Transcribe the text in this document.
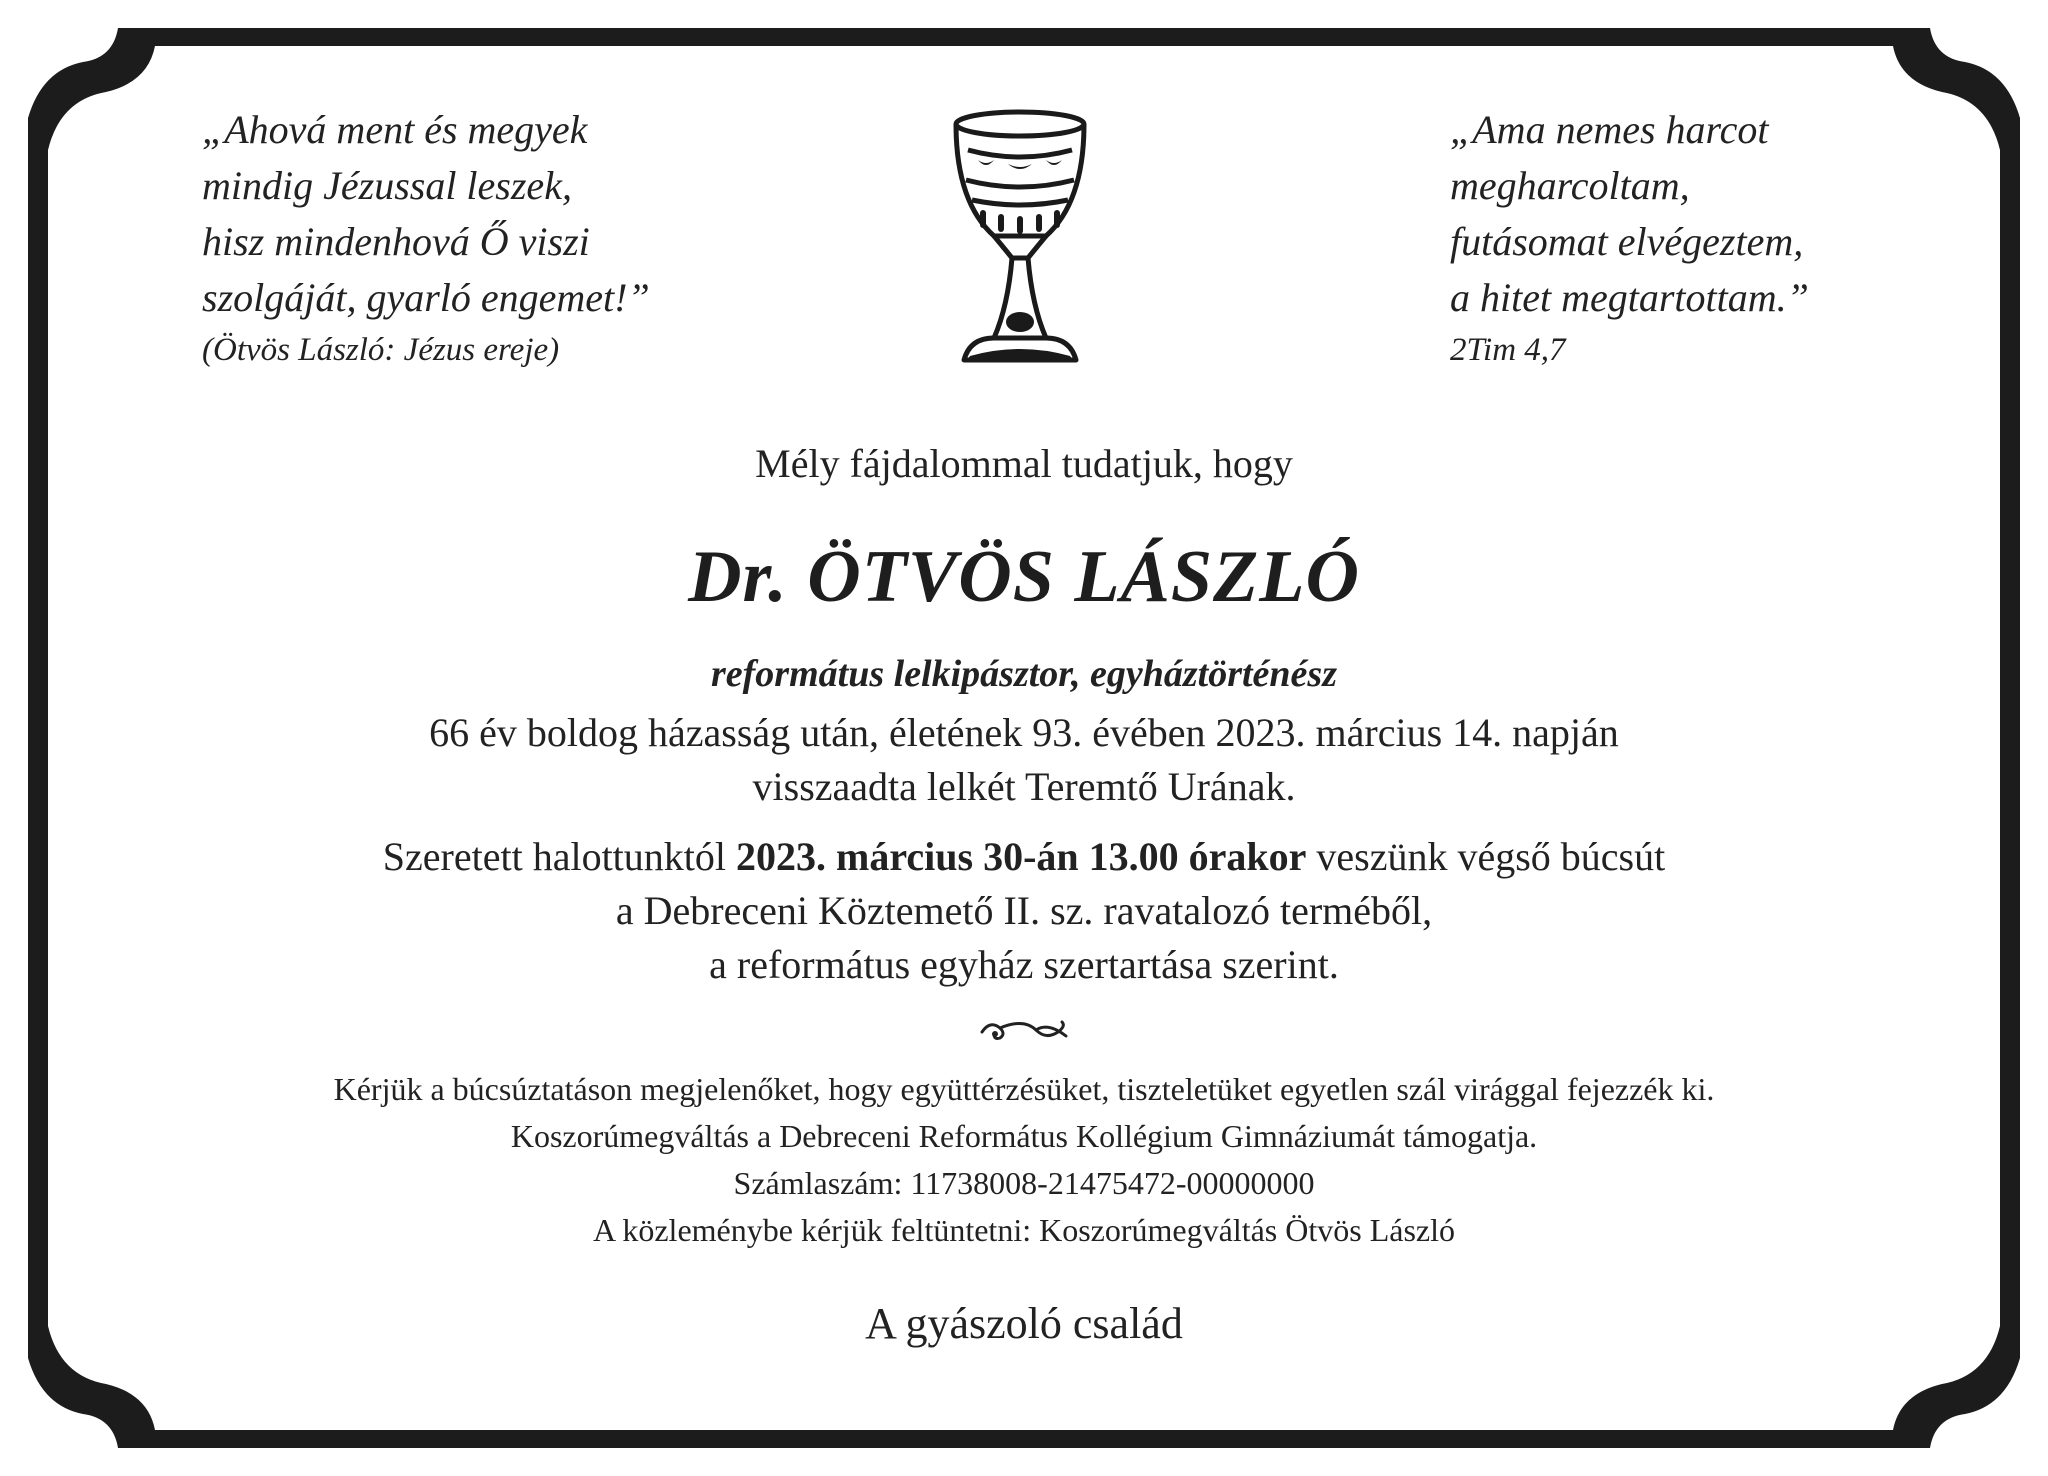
„Ahová ment és megyek
mindig Jézussal leszek,
hisz mindenhová Ő viszi
szolgáját, gyarló engemet!”
(Ötvös László: Jézus ereje)
„Ama nemes harcot
megharcoltam,
futásomat elvégeztem,
a hitet megtartottam.”
2Tim 4,7
Mély fájdalommal tudatjuk, hogy
Dr. ÖTVÖS LÁSZLÓ
református lelkipásztor, egyháztörténész
66 év boldog házasság után, életének 93. évében 2023. március 14. napján
visszaadta lelkét Teremtő Urának.
Szeretett halottunktól 2023. március 30-án 13.00 órakor veszünk végső búcsút
a Debreceni Köztemető II. sz. ravatalozó terméből,
a református egyház szertartása szerint.
Kérjük a búcsúztatáson megjelenőket, hogy együttérzésüket, tiszteletüket egyetlen szál virággal fejezzék ki.
Koszorúmegváltás a Debreceni Református Kollégium Gimnáziumát támogatja.
Számlaszám: 11738008-21475472-00000000
A közleménybe kérjük feltüntetni: Koszorúmegváltás Ötvös László
A gyászoló család
